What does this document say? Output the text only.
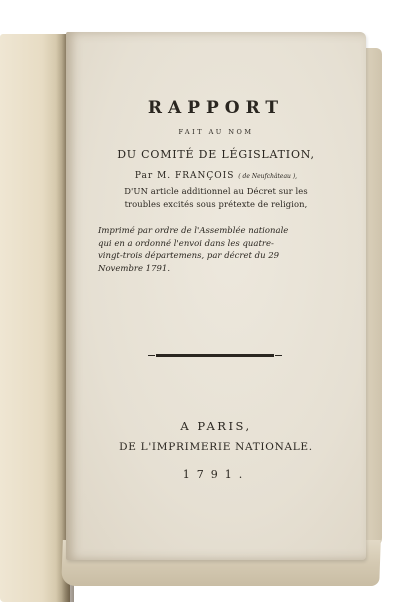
RAPPORT
FAIT AU NOM
DU COMITÉ DE LÉGISLATION,
Par M. FRANÇOIS ( de Neufchâteau ),
D'UN article additionnel au Décret sur les
troubles excités sous prétexte de religion,
Imprimé par ordre de l'Assemblée nationale
qui en a ordonné l'envoi dans les quatre-
vingt-trois départemens, par décret du 29
Novembre 1791.
A PARIS,
DE L'IMPRIMERIE NATIONALE.
1791.
